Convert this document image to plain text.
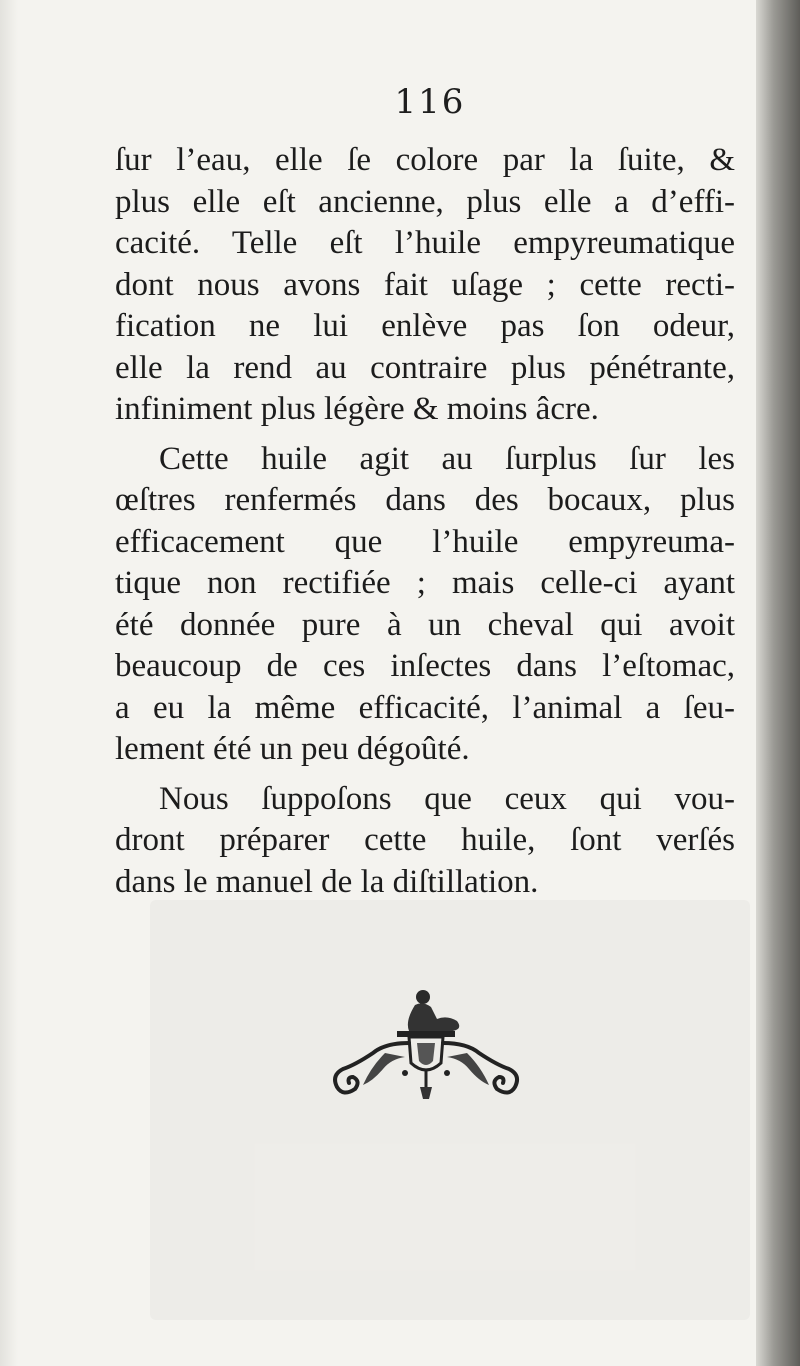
116
ſur l’eau, elle ſe colore par la ſuite, &
plus elle eſt ancienne, plus elle a d’effi-
cacité. Telle eſt l’huile empyreumatique
dont nous avons fait uſage ; cette recti-
fication ne lui enlève pas ſon odeur,
elle la rend au contraire plus pénétrante,
infiniment plus légère & moins âcre.
Cette huile agit au ſurplus ſur les
œſtres renfermés dans des bocaux, plus
efficacement que l’huile empyreuma-
tique non rectifiée ; mais celle-ci ayant
été donnée pure à un cheval qui avoit
beaucoup de ces inſectes dans l’eſtomac,
a eu la même efficacité, l’animal a ſeu-
lement été un peu dégoûté.
Nous ſuppoſons que ceux qui vou-
dront préparer cette huile, ſont verſés
dans le manuel de la diſtillation.
